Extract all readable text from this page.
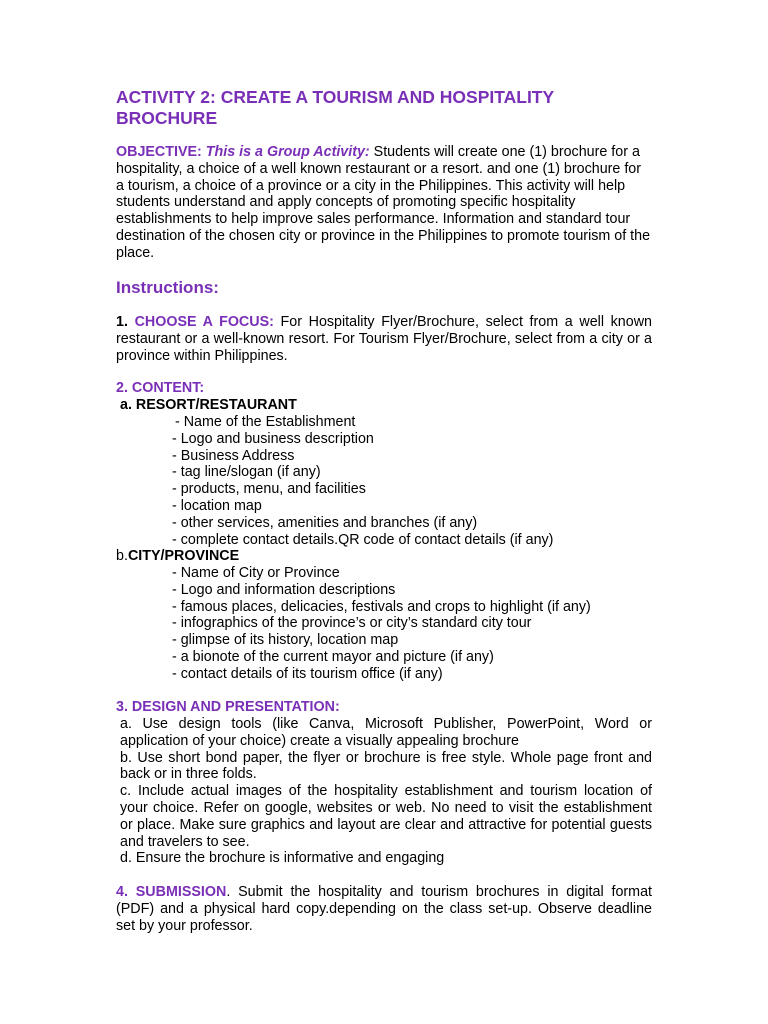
ACTIVITY 2: CREATE A TOURISM AND HOSPITALITY
BROCHURE
OBJECTIVE: This is a Group Activity: Students will create one (1) brochure for a hospitality, a choice of a well known restaurant or a resort. and one (1) brochure for a tourism, a choice of a province or a city in the Philippines. This activity will help students understand and apply concepts of promoting specific hospitality establishments to help improve sales performance. Information and standard tour destination of the chosen city or province in the Philippines to promote tourism of the place.
Instructions:
1. CHOOSE A FOCUS: For Hospitality Flyer/Brochure, select from a well known restaurant or a well-known resort. For Tourism Flyer/Brochure, select from a city or a province within Philippines.
2. CONTENT:
a. RESORT/RESTAURANT
- Name of the Establishment
- Logo and business description
- Business Address
- tag line/slogan (if any)
- products, menu, and facilities
- location map
- other services, amenities and branches (if any)
- complete contact details.QR code of contact details (if any)
b.CITY/PROVINCE
- Name of City or Province
- Logo and information descriptions
- famous places, delicacies, festivals and crops to highlight (if any)
- infographics of the province’s or city’s standard city tour
- glimpse of its history, location map
- a bionote of the current mayor and picture (if any)
- contact details of its tourism office (if any)
3. DESIGN AND PRESENTATION:

a. Use design tools (like Canva, Microsoft Publisher, PowerPoint, Word or application of your choice) create a visually appealing brochure

b. Use short bond paper, the flyer or brochure is free style. Whole page front and back or in three folds.

c. Include actual images of the hospitality establishment and tourism location of your choice. Refer on google, websites or web. No need to visit the establishment or place. Make sure graphics and layout are clear and attractive for potential guests and travelers to see.

d. Ensure the brochure is informative and engaging

4. SUBMISSION. Submit the hospitality and tourism brochures in digital format (PDF) and a physical hard copy.depending on the class set-up. Observe deadline set by your professor.
